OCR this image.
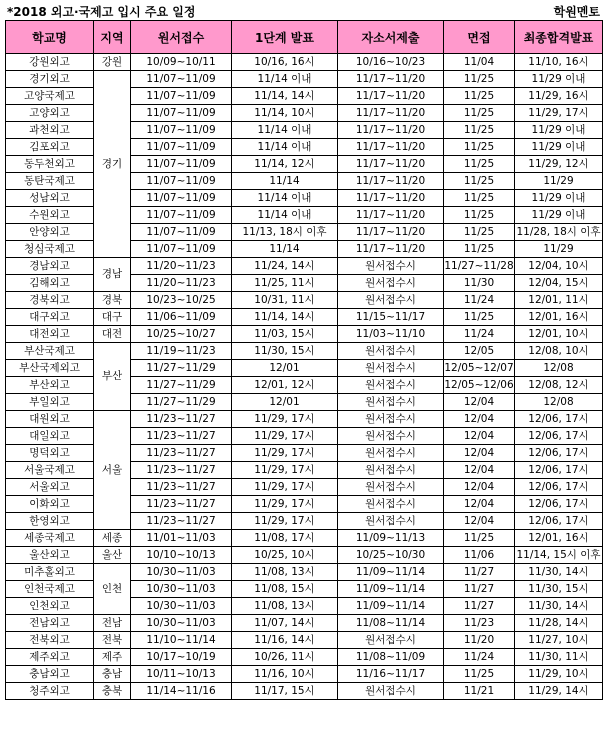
*2018 외고·국제고 입시 주요 일정	학원멘토
학교명	지역	원서접수	1단계 발표	자소서제출	면접	최종합격발표
강원외고	강원	10/09~10/11	10/16, 16시	10/16~10/23	11/04	11/10, 16시
경기외고	경기	11/07~11/09	11/14 이내	11/17~11/20	11/25	11/29 이내
고양국제고		11/07~11/09	11/14, 14시	11/17~11/20	11/25	11/29, 16시
고양외고		11/07~11/09	11/14, 10시	11/17~11/20	11/25	11/29, 17시
과천외고		11/07~11/09	11/14 이내	11/17~11/20	11/25	11/29 이내
김포외고		11/07~11/09	11/14 이내	11/17~11/20	11/25	11/29 이내
동두천외고		11/07~11/09	11/14, 12시	11/17~11/20	11/25	11/29, 12시
동탄국제고		11/07~11/09	11/14	11/17~11/20	11/25	11/29
성남외고		11/07~11/09	11/14 이내	11/17~11/20	11/25	11/29 이내
수원외고		11/07~11/09	11/14 이내	11/17~11/20	11/25	11/29 이내
안양외고		11/07~11/09	11/13, 18시 이후	11/17~11/20	11/25	11/28, 18시 이후
청심국제고		11/07~11/09	11/14	11/17~11/20	11/25	11/29
경남외고	경남	11/20~11/23	11/24, 14시	원서접수시	11/27~11/28	12/04, 10시
김해외고		11/20~11/23	11/25, 11시	원서접수시	11/30	12/04, 15시
경북외고	경북	10/23~10/25	10/31, 11시	원서접수시	11/24	12/01, 11시
대구외고	대구	11/06~11/09	11/14, 14시	11/15~11/17	11/25	12/01, 16시
대전외고	대전	10/25~10/27	11/03, 15시	11/03~11/10	11/24	12/01, 10시
부산국제고	부산	11/19~11/23	11/30, 15시	원서접수시	12/05	12/08, 10시
부산국제외고		11/27~11/29	12/01	원서접수시	12/05~12/07	12/08
부산외고		11/27~11/29	12/01, 12시	원서접수시	12/05~12/06	12/08, 12시
부일외고		11/27~11/29	12/01	원서접수시	12/04	12/08
대원외고	서울	11/23~11/27	11/29, 17시	원서접수시	12/04	12/06, 17시
대일외고		11/23~11/27	11/29, 17시	원서접수시	12/04	12/06, 17시
명덕외고		11/23~11/27	11/29, 17시	원서접수시	12/04	12/06, 17시
서울국제고		11/23~11/27	11/29, 17시	원서접수시	12/04	12/06, 17시
서울외고		11/23~11/27	11/29, 17시	원서접수시	12/04	12/06, 17시
이화외고		11/23~11/27	11/29, 17시	원서접수시	12/04	12/06, 17시
한영외고		11/23~11/27	11/29, 17시	원서접수시	12/04	12/06, 17시
세종국제고	세종	11/01~11/03	11/08, 17시	11/09~11/13	11/25	12/01, 16시
울산외고	울산	10/10~10/13	10/25, 10시	10/25~10/30	11/06	11/14, 15시 이후
미추홀외고	인천	10/30~11/03	11/08, 13시	11/09~11/14	11/27	11/30, 14시
인천국제고		10/30~11/03	11/08, 15시	11/09~11/14	11/27	11/30, 15시
인천외고		10/30~11/03	11/08, 13시	11/09~11/14	11/27	11/30, 14시
전남외고	전남	10/30~11/03	11/07, 14시	11/08~11/14	11/23	11/28, 14시
전북외고	전북	11/10~11/14	11/16, 14시	원서접수시	11/20	11/27, 10시
제주외고	제주	10/17~10/19	10/26, 11시	11/08~11/09	11/24	11/30, 11시
충남외고	충남	10/11~10/13	11/16, 10시	11/16~11/17	11/25	11/29, 10시
청주외고	충북	11/14~11/16	11/17, 15시	원서접수시	11/21	11/29, 14시
